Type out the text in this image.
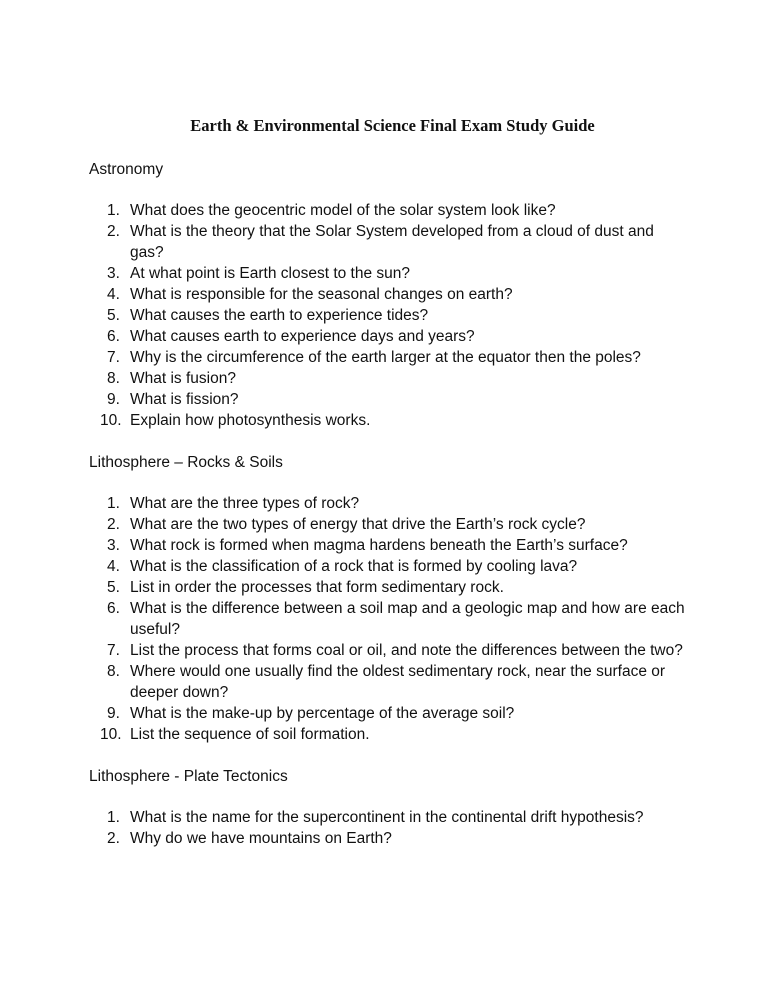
Earth & Environmental Science Final Exam Study Guide
Astronomy
1. What does the geocentric model of the solar system look like?
2. What is the theory that the Solar System developed from a cloud of dust and gas?
3. At what point is Earth closest to the sun?
4. What is responsible for the seasonal changes on earth?
5. What causes the earth to experience tides?
6. What causes earth to experience days and years?
7. Why is the circumference of the earth larger at the equator then the poles?
8. What is fusion?
9. What is fission?
10. Explain how photosynthesis works.
Lithosphere – Rocks & Soils
1. What are the three types of rock?
2. What are the two types of energy that drive the Earth’s rock cycle?
3. What rock is formed when magma hardens beneath the Earth’s surface?
4. What is the classification of a rock that is formed by cooling lava?
5. List in order the processes that form sedimentary rock.
6. What is the difference between a soil map and a geologic map and how are each useful?
7. List the process that forms coal or oil, and note the differences between the two?
8. Where would one usually find the oldest sedimentary rock, near the surface or deeper down?
9. What is the make-up by percentage of the average soil?
10. List the sequence of soil formation.
Lithosphere - Plate Tectonics
1. What is the name for the supercontinent in the continental drift hypothesis?
2. Why do we have mountains on Earth?
